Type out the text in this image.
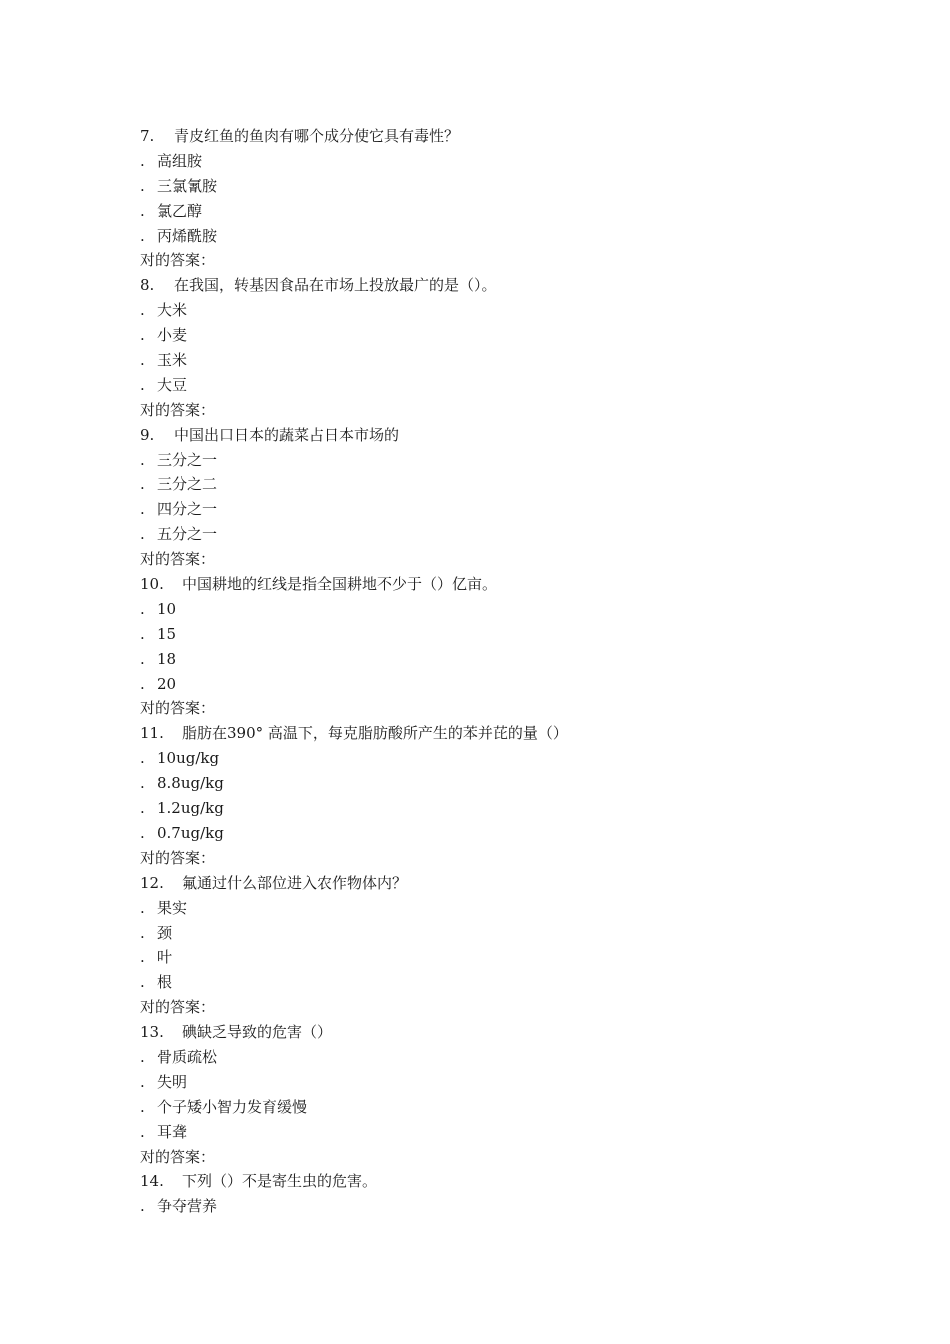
7. 青皮红鱼的鱼肉有哪个成分使它具有毒性？
. 高组胺
. 三氯氰胺
. 氯乙醇
. 丙烯酰胺
对的答案：
8. 在我国，转基因食品在市场上投放最广的是（）。
. 大米
. 小麦
. 玉米
. 大豆
对的答案：
9. 中国出口日本的蔬菜占日本市场的
. 三分之一
. 三分之二
. 四分之一
. 五分之一
对的答案：
10. 中国耕地的红线是指全国耕地不少于（）亿亩。
. 10
. 15
. 18
. 20
对的答案：
11. 脂肪在390° 高温下，每克脂肪酸所产生的苯并芘的量（）
. 10ug/kg
. 8.8ug/kg
. 1.2ug/kg
. 0.7ug/kg
对的答案：
12. 氟通过什么部位进入农作物体内？
. 果实
. 颈
. 叶
. 根
对的答案：
13. 碘缺乏导致的危害（）
. 骨质疏松
. 失明
. 个子矮小智力发育缓慢
. 耳聋
对的答案：
14. 下列（）不是寄生虫的危害。
. 争夺营养
